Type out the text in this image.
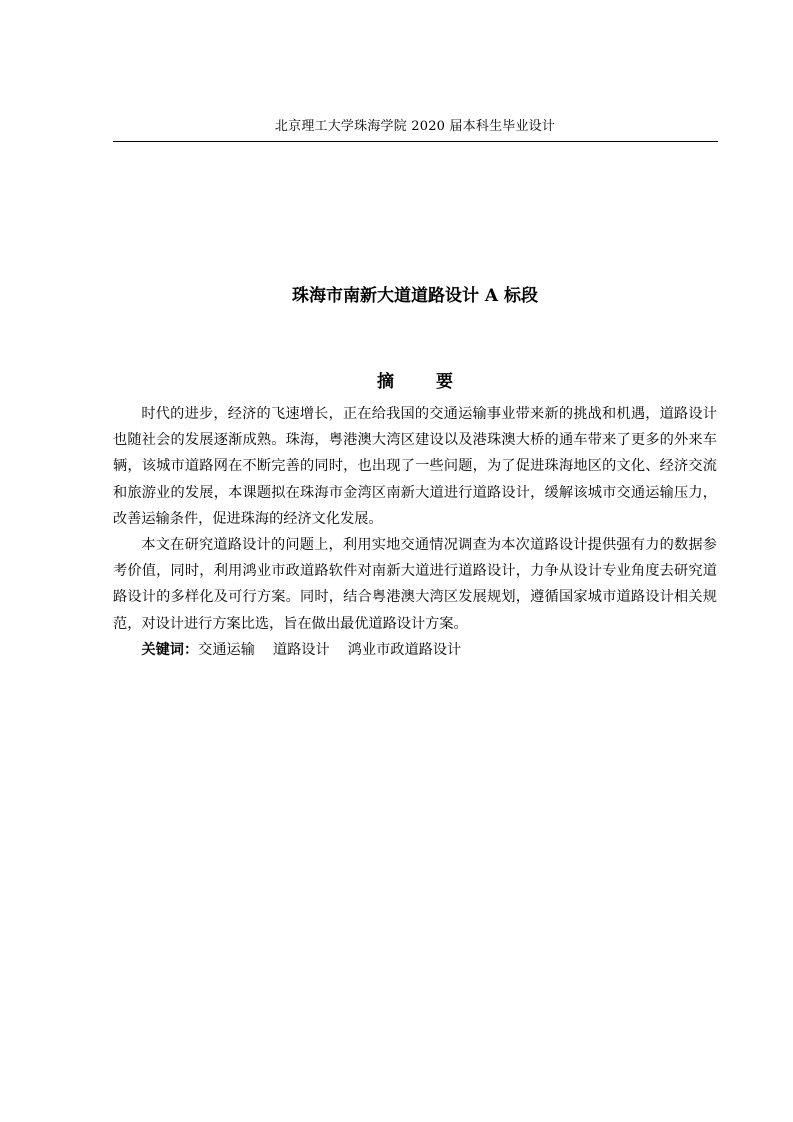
北京理工大学珠海学院 2020 届本科生毕业设计
珠海市南新大道道路设计 A 标段
摘 要

时代的进步，经济的飞速增长，正在给我国的交通运输事业带来新的挑战和机遇，道路设计也随社会的发展逐渐成熟。珠海，粤港澳大湾区建设以及港珠澳大桥的通车带来了更多的外来车辆，该城市道路网在不断完善的同时，也出现了一些问题，为了促进珠海地区的文化、经济交流和旅游业的发展，本课题拟在珠海市金湾区南新大道进行道路设计，缓解该城市交通运输压力，改善运输条件，促进珠海的经济文化发展。

本文在研究道路设计的问题上，利用实地交通情况调查为本次道路设计提供强有力的数据参考价值，同时，利用鸿业市政道路软件对南新大道进行道路设计，力争从设计专业角度去研究道路设计的多样化及可行方案。同时，结合粤港澳大湾区发展规划，遵循国家城市道路设计相关规范，对设计进行方案比选，旨在做出最优道路设计方案。

关键词：交通运输 道路设计 鸿业市政道路设计
